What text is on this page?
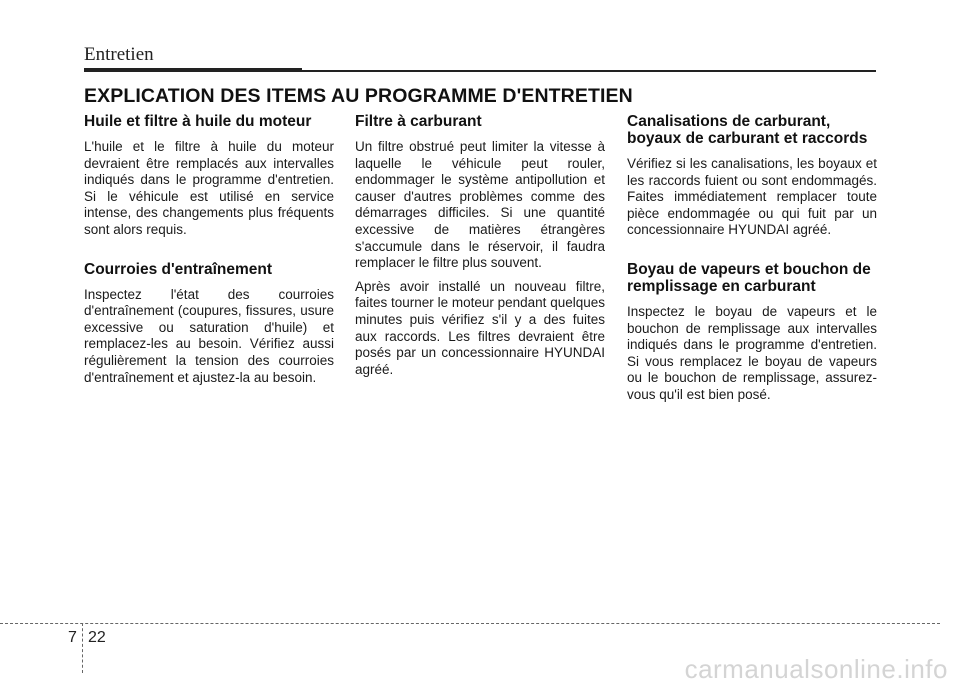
Entretien
EXPLICATION DES ITEMS AU PROGRAMME D'ENTRETIEN
Huile et filtre à huile du moteur

L'huile et le filtre à huile du moteur devraient être remplacés aux intervalles indiqués dans le programme d'entretien. Si le véhicule est utilisé en service intense, des changements plus fréquents sont alors requis.

Courroies d'entraînement

Inspectez l'état des courroies d'entraînement (coupures, fissures, usure excessive ou saturation d'huile) et remplacez-les au besoin. Vérifiez aussi régulièrement la tension des courroies d'entraînement et ajustez-la au besoin.

Filtre à carburant

Un filtre obstrué peut limiter la vitesse à laquelle le véhicule peut rouler, endommager le système antipollution et causer d'autres problèmes comme des démarrages difficiles. Si une quantité excessive de matières étrangères s'accumule dans le réservoir, il faudra remplacer le filtre plus souvent.

Après avoir installé un nouveau filtre, faites tourner le moteur pendant quelques minutes puis vérifiez s'il y a des fuites aux raccords. Les filtres devraient être posés par un concessionnaire HYUNDAI agréé.

Canalisations de carburant, boyaux de carburant et raccords

Vérifiez si les canalisations, les boyaux et les raccords fuient ou sont endommagés. Faites immédiatement remplacer toute pièce endommagée ou qui fuit par un concessionnaire HYUNDAI agréé.

Boyau de vapeurs et bouchon de remplissage en carburant

Inspectez le boyau de vapeurs et le bouchon de remplissage aux intervalles indiqués dans le programme d'entretien. Si vous remplacez le boyau de vapeurs ou le bouchon de remplissage, assurez-vous qu'il est bien posé.

7 22
carmanualsonline.info
